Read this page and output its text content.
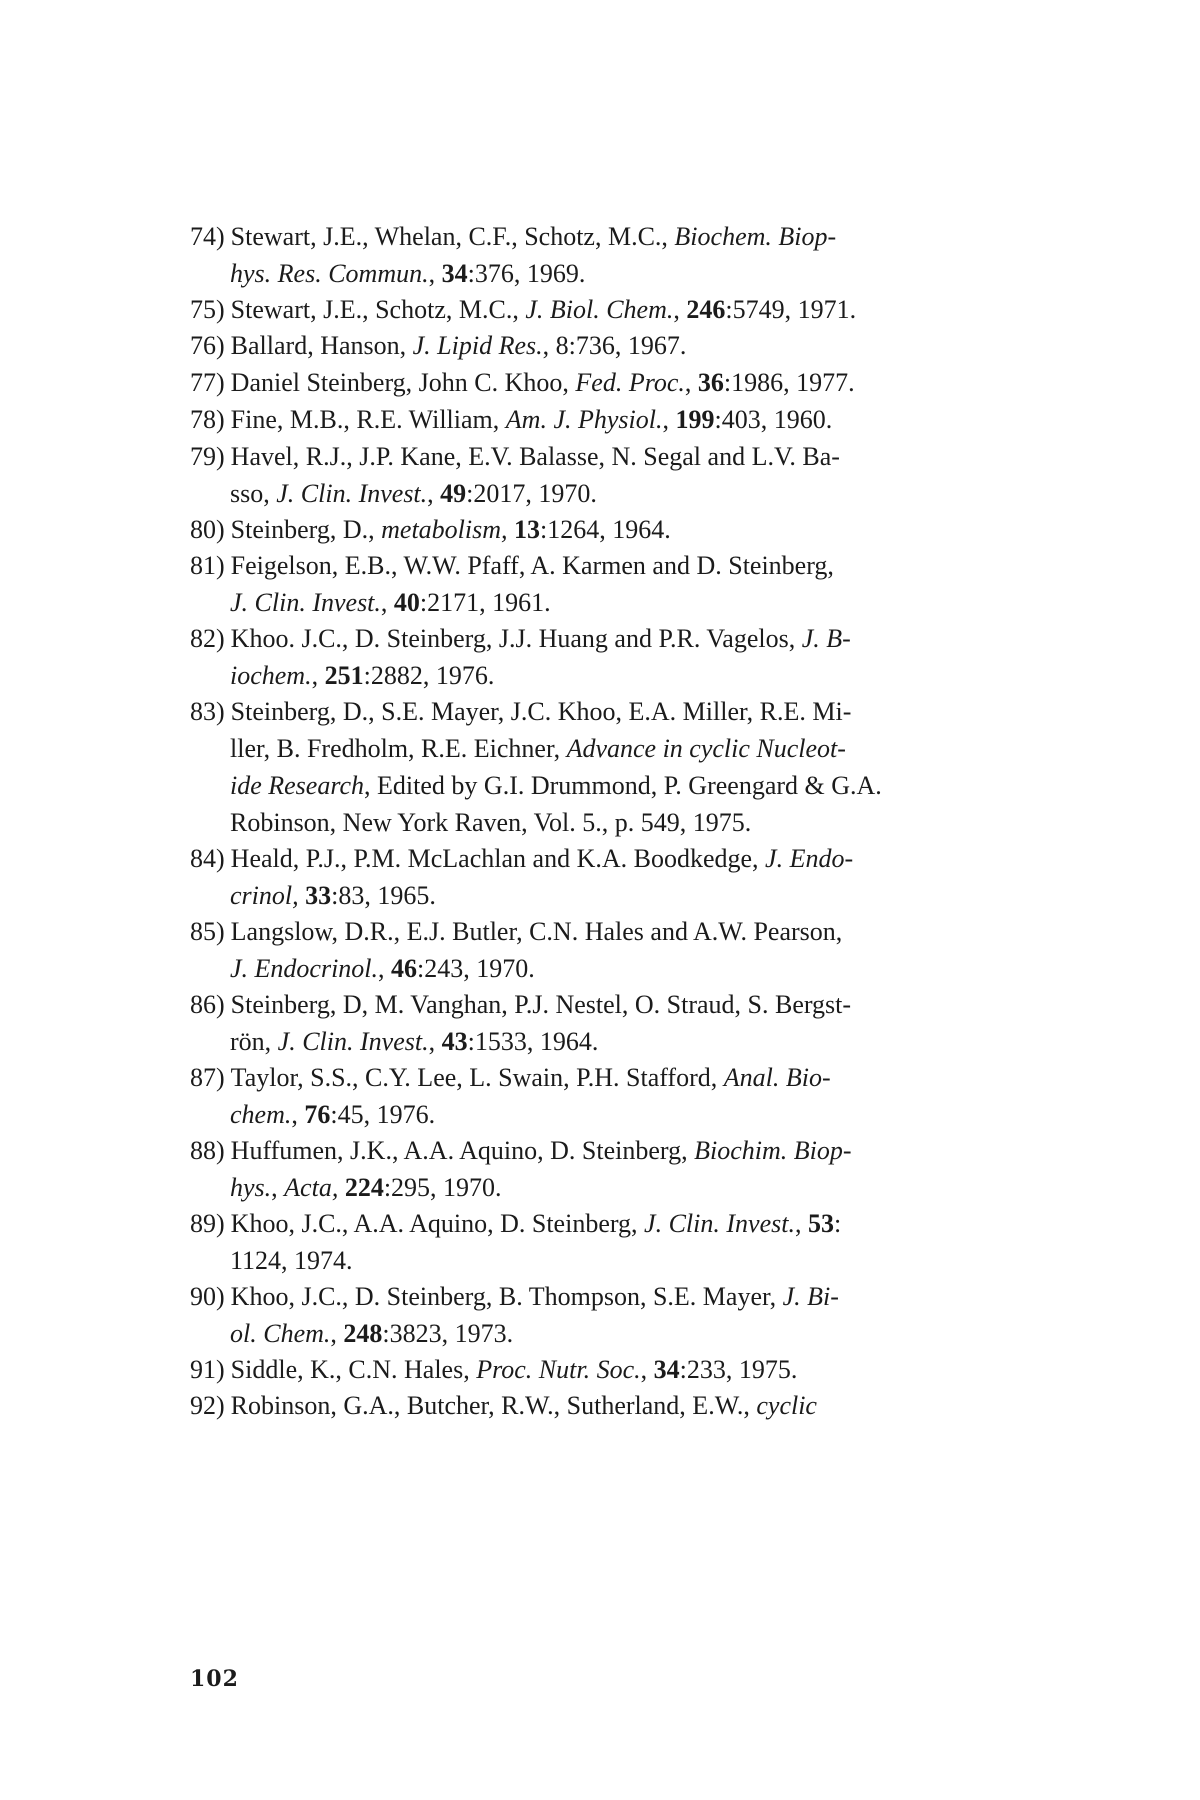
74) Stewart, J.E., Whelan, C.F., Schotz, M.C., Biochem. Biop-
hys. Res. Commun., 34:376, 1969.
75) Stewart, J.E., Schotz, M.C., J. Biol. Chem., 246:5749, 1971.
76) Ballard, Hanson, J. Lipid Res., 8:736, 1967.
77) Daniel Steinberg, John C. Khoo, Fed. Proc., 36:1986, 1977.
78) Fine, M.B., R.E. William, Am. J. Physiol., 199:403, 1960.
79) Havel, R.J., J.P. Kane, E.V. Balasse, N. Segal and L.V. Ba-
sso, J. Clin. Invest., 49:2017, 1970.
80) Steinberg, D., metabolism, 13:1264, 1964.
81) Feigelson, E.B., W.W. Pfaff, A. Karmen and D. Steinberg,
J. Clin. Invest., 40:2171, 1961.
82) Khoo. J.C., D. Steinberg, J.J. Huang and P.R. Vagelos, J. B-
iochem., 251:2882, 1976.
83) Steinberg, D., S.E. Mayer, J.C. Khoo, E.A. Miller, R.E. Mi-
ller, B. Fredholm, R.E. Eichner, Advance in cyclic Nucleot-
ide Research, Edited by G.I. Drummond, P. Greengard & G.A.
Robinson, New York Raven, Vol. 5., p. 549, 1975.
84) Heald, P.J., P.M. McLachlan and K.A. Boodkedge, J. Endo-
crinol, 33:83, 1965.
85) Langslow, D.R., E.J. Butler, C.N. Hales and A.W. Pearson,
J. Endocrinol., 46:243, 1970.
86) Steinberg, D, M. Vanghan, P.J. Nestel, O. Straud, S. Bergst-
rön, J. Clin. Invest., 43:1533, 1964.
87) Taylor, S.S., C.Y. Lee, L. Swain, P.H. Stafford, Anal. Bio-
chem., 76:45, 1976.
88) Huffumen, J.K., A.A. Aquino, D. Steinberg, Biochim. Biop-
hys., Acta, 224:295, 1970.
89) Khoo, J.C., A.A. Aquino, D. Steinberg, J. Clin. Invest., 53:
1124, 1974.
90) Khoo, J.C., D. Steinberg, B. Thompson, S.E. Mayer, J. Bi-
ol. Chem., 248:3823, 1973.
91) Siddle, K., C.N. Hales, Proc. Nutr. Soc., 34:233, 1975.
92) Robinson, G.A., Butcher, R.W., Sutherland, E.W., cyclic
102
